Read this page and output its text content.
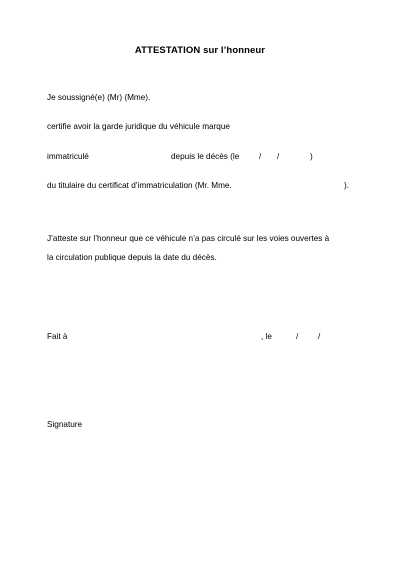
ATTESTATION sur l’honneur
Je soussigné(e) (Mr) (Mme).
certifie avoir la garde juridique du véhicule marque
immatriculé	depuis le décès (le / /	)
du titulaire du certificat d’immatriculation (Mr. Mme.	).
J’atteste sur l’honneur que ce véhicule n’a pas circulé sur les voies ouvertes à
la circulation publique depuis la date du décès.
Fait à	, le	/ /
Signature
